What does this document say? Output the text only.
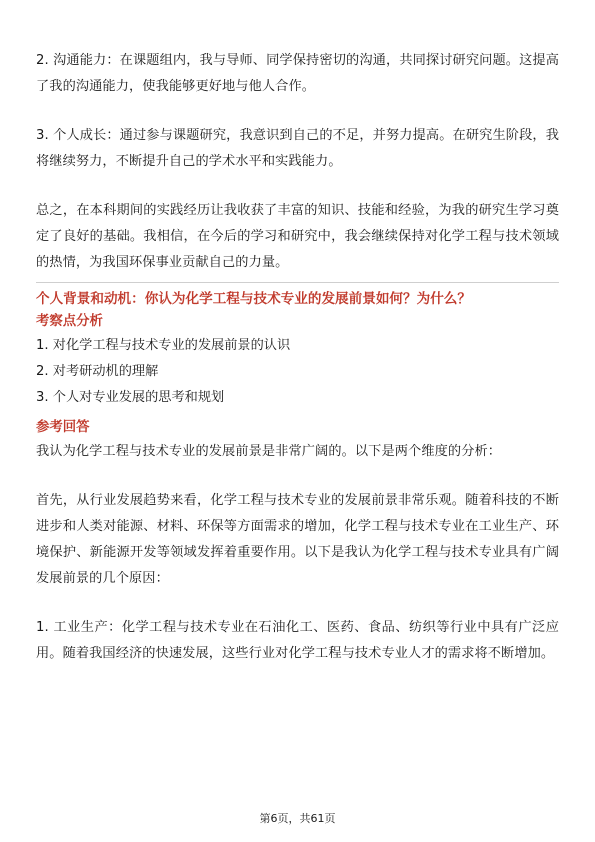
2. 沟通能力：在课题组内，我与导师、同学保持密切的沟通，共同探讨研究问题。这提高了我的沟通能力，使我能够更好地与他人合作。

3. 个人成长：通过参与课题研究，我意识到自己的不足，并努力提高。在研究生阶段，我将继续努力，不断提升自己的学术水平和实践能力。

总之，在本科期间的实践经历让我收获了丰富的知识、技能和经验，为我的研究生学习奠定了良好的基础。我相信，在今后的学习和研究中，我会继续保持对化学工程与技术领域的热情，为我国环保事业贡献自己的力量。

个人背景和动机：你认为化学工程与技术专业的发展前景如何？为什么？

考察点分析

1. 对化学工程与技术专业的发展前景的认识

2. 对考研动机的理解

3. 个人对专业发展的思考和规划

参考回答

我认为化学工程与技术专业的发展前景是非常广阔的。以下是两个维度的分析：

首先，从行业发展趋势来看，化学工程与技术专业的发展前景非常乐观。随着科技的不断进步和人类对能源、材料、环保等方面需求的增加，化学工程与技术专业在工业生产、环境保护、新能源开发等领域发挥着重要作用。以下是我认为化学工程与技术专业具有广阔发展前景的几个原因：

1. 工业生产：化学工程与技术专业在石油化工、医药、食品、纺织等行业中具有广泛应用。随着我国经济的快速发展，这些行业对化学工程与技术专业人才的需求将不断增加。

第6页，共61页
